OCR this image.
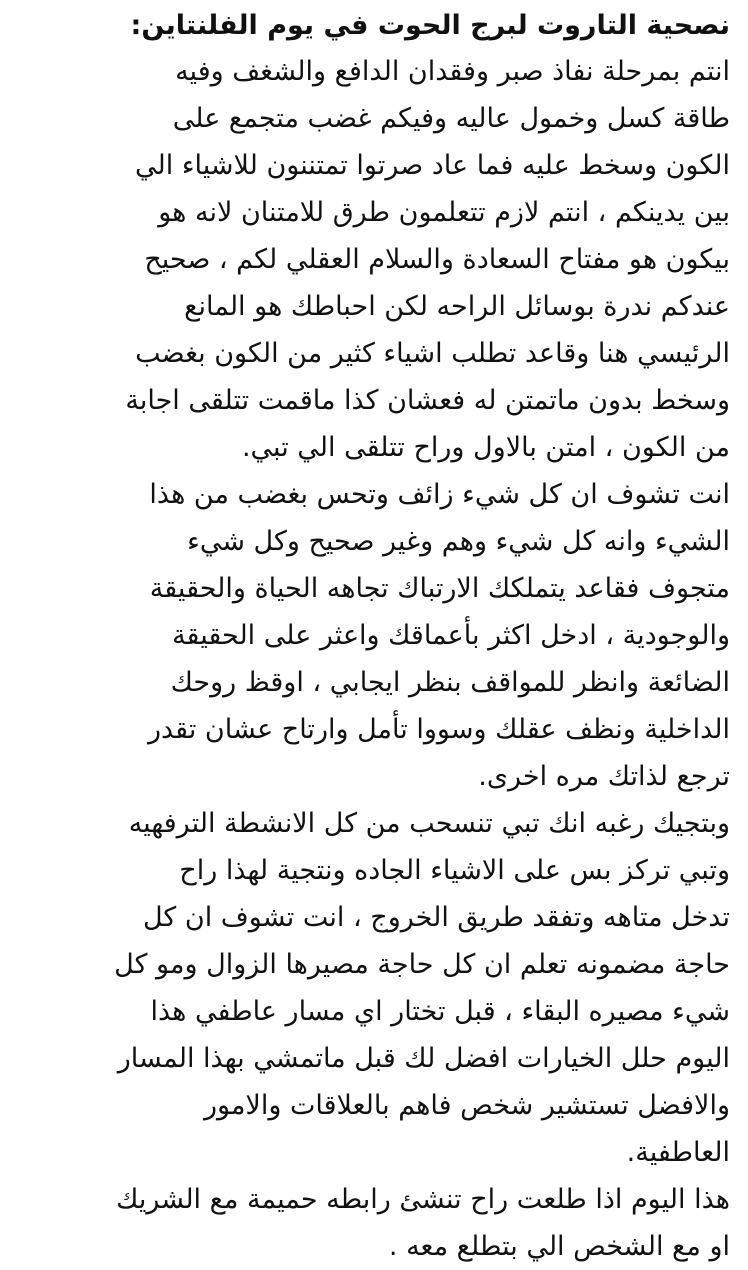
نصحية التاروت لبرج الحوت في يوم الفلنتاين:

انتم بمرحلة نفاذ صبر وفقدان الدافع والشغف وفيه

طاقة كسل وخمول عاليه وفيكم غضب متجمع على

الكون وسخط عليه فما عاد صرتوا تمتننون للاشياء الي

بين يدينكم ، انتم لازم تتعلمون طرق للامتنان لانه هو

بيكون هو مفتاح السعادة والسلام العقلي لكم ، صحيح

عندكم ندرة بوسائل الراحه لكن احباطك هو المانع

الرئيسي هنا وقاعد تطلب اشياء كثير من الكون بغضب

وسخط بدون ماتمتن له فعشان كذا ماقمت تتلقى اجابة

من الكون ، امتن بالاول وراح تتلقى الي تبي.

انت تشوف ان كل شيء زائف وتحس بغضب من هذا

الشيء وانه كل شيء وهم وغير صحيح وكل شيء

متجوف فقاعد يتملكك الارتباك تجاهه الحياة والحقيقة

والوجودية ، ادخل اكثر بأعماقك واعثر على الحقيقة

الضائعة وانظر للمواقف بنظر ايجابي ، اوقظ روحك

الداخلية ونظف عقلك وسووا تأمل وارتاح عشان تقدر

ترجع لذاتك مره اخرى.

وبتجيك رغبه انك تبي تنسحب من كل الانشطة الترفهيه

وتبي تركز بس على الاشياء الجاده ونتجية لهذا راح

تدخل متاهه وتفقد طريق الخروج ، انت تشوف ان كل

حاجة مضمونه تعلم ان كل حاجة مصيرها الزوال ومو كل

شيء مصيره البقاء ، قبل تختار اي مسار عاطفي هذا

اليوم حلل الخيارات افضل لك قبل ماتمشي بهذا المسار

والافضل تستشير شخص فاهم بالعلاقات والامور

العاطفية.

هذا اليوم اذا طلعت راح تنشئ رابطه حميمة مع الشريك

او مع الشخص الي بتطلع معه .
